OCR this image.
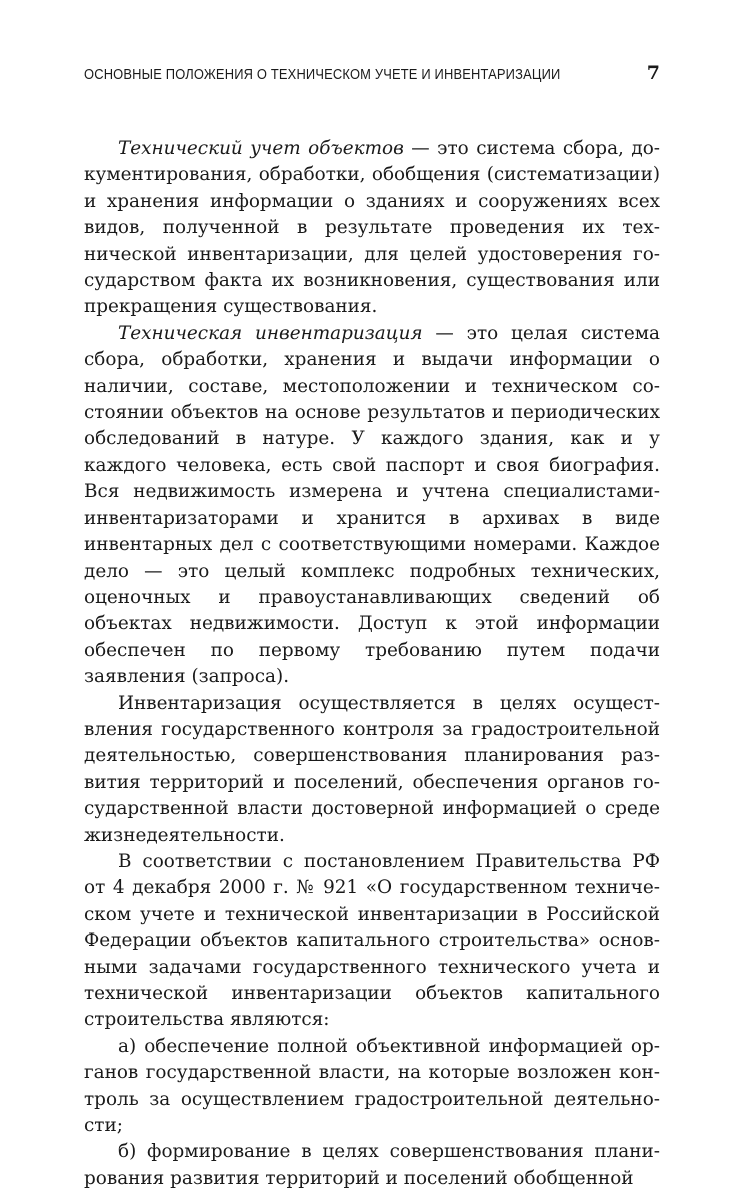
ОСНОВНЫЕ ПОЛОЖЕНИЯ О ТЕХНИЧЕСКОМ УЧЕТЕ И ИНВЕНТАРИЗАЦИИ	7

Технический учет объектов — это система сбора, документирования, обработки, обобщения (систематизации) и хранения информации о зданиях и сооружениях всех видов, полученной в результате проведения их технической инвентаризации, для целей удостоверения государством факта их возникновения, существования или прекращения существования.

Техническая инвентаризация — это целая система сбора, обработки, хранения и выдачи информации о наличии, составе, местоположении и техническом состоянии объектов на основе результатов и периодических обследований в натуре. У каждого здания, как и у каждого человека, есть свой паспорт и своя биография. Вся недвижимость измерена и учтена специалистами-инвентаризаторами и хранится в архивах в виде инвентарных дел с соответствующими номерами. Каждое дело — это целый комплекс подробных технических, оценочных и правоустанавливающих сведений об объектах недвижимости. Доступ к этой информации обеспечен по первому требованию путем подачи заявления (запроса).

Инвентаризация осуществляется в целях осуществления государственного контроля за градостроительной деятельностью, совершенствования планирования развития территорий и поселений, обеспечения органов государственной власти достоверной информацией о среде жизнедеятельности.

В соответствии с постановлением Правительства РФ от 4 декабря 2000 г. № 921 «О государственном техническом учете и технической инвентаризации в Российской Федерации объектов капитального строительства» основными задачами государственного технического учета и технической инвентаризации объектов капитального строительства являются:

а) обеспечение полной объективной информацией органов государственной власти, на которые возложен контроль за осуществлением градостроительной деятельности;

б) формирование в целях совершенствования планирования развития территорий и поселений обобщенной
